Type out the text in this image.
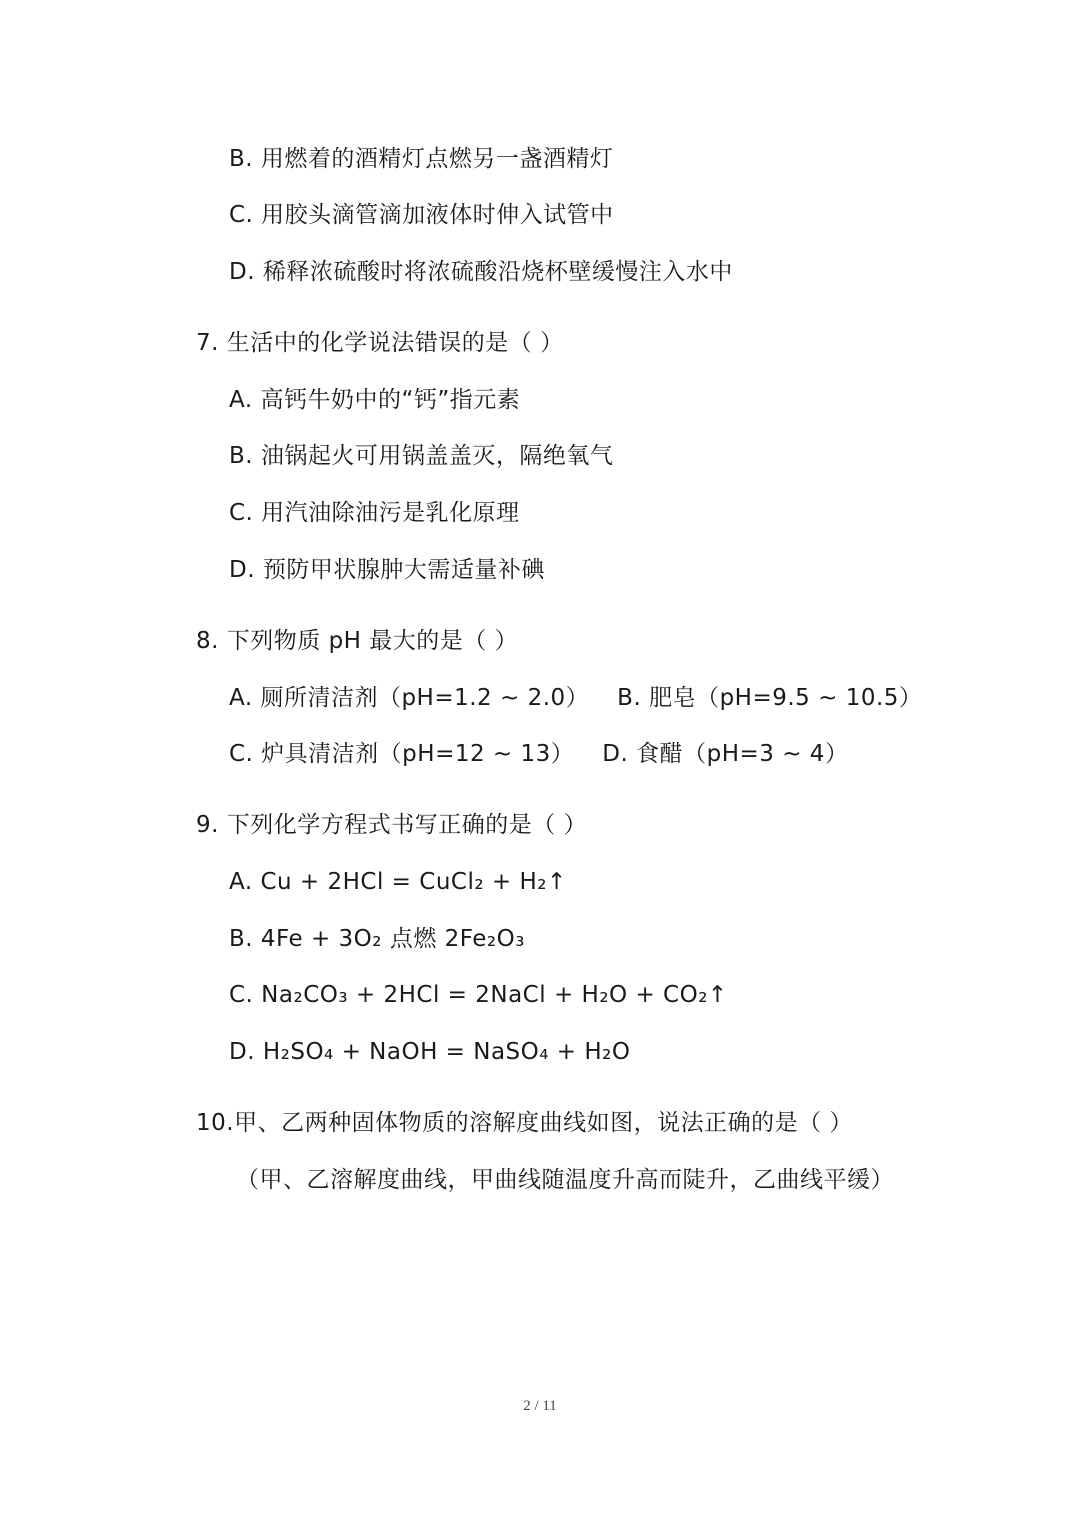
B. 用燃着的酒精灯点燃另一盏酒精灯
C. 用胶头滴管滴加液体时伸入试管中
D. 稀释浓硫酸时将浓硫酸沿烧杯壁缓慢注入水中
7. 生活中的化学说法错误的是（ ）
A. 高钙牛奶中的“钙”指元素
B. 油锅起火可用锅盖盖灭，隔绝氧气
C. 用汽油除油污是乳化原理
D. 预防甲状腺肿大需适量补碘
8. 下列物质 pH 最大的是（ ）
A. 厕所清洁剂（pH=1.2 ~ 2.0） B. 肥皂（pH=9.5 ~ 10.5）
C. 炉具清洁剂（pH=12 ~ 13） D. 食醋（pH=3 ~ 4）
9. 下列化学方程式书写正确的是（ ）
A. Cu + 2HCl = CuCl₂ + H₂↑
B. 4Fe + 3O₂ 点燃 2Fe₂O₃
C. Na₂CO₃ + 2HCl = 2NaCl + H₂O + CO₂↑
D. H₂SO₄ + NaOH = NaSO₄ + H₂O
10.甲、乙两种固体物质的溶解度曲线如图，说法正确的是（ ）
（甲、乙溶解度曲线，甲曲线随温度升高而陡升，乙曲线平缓）
2 / 11
